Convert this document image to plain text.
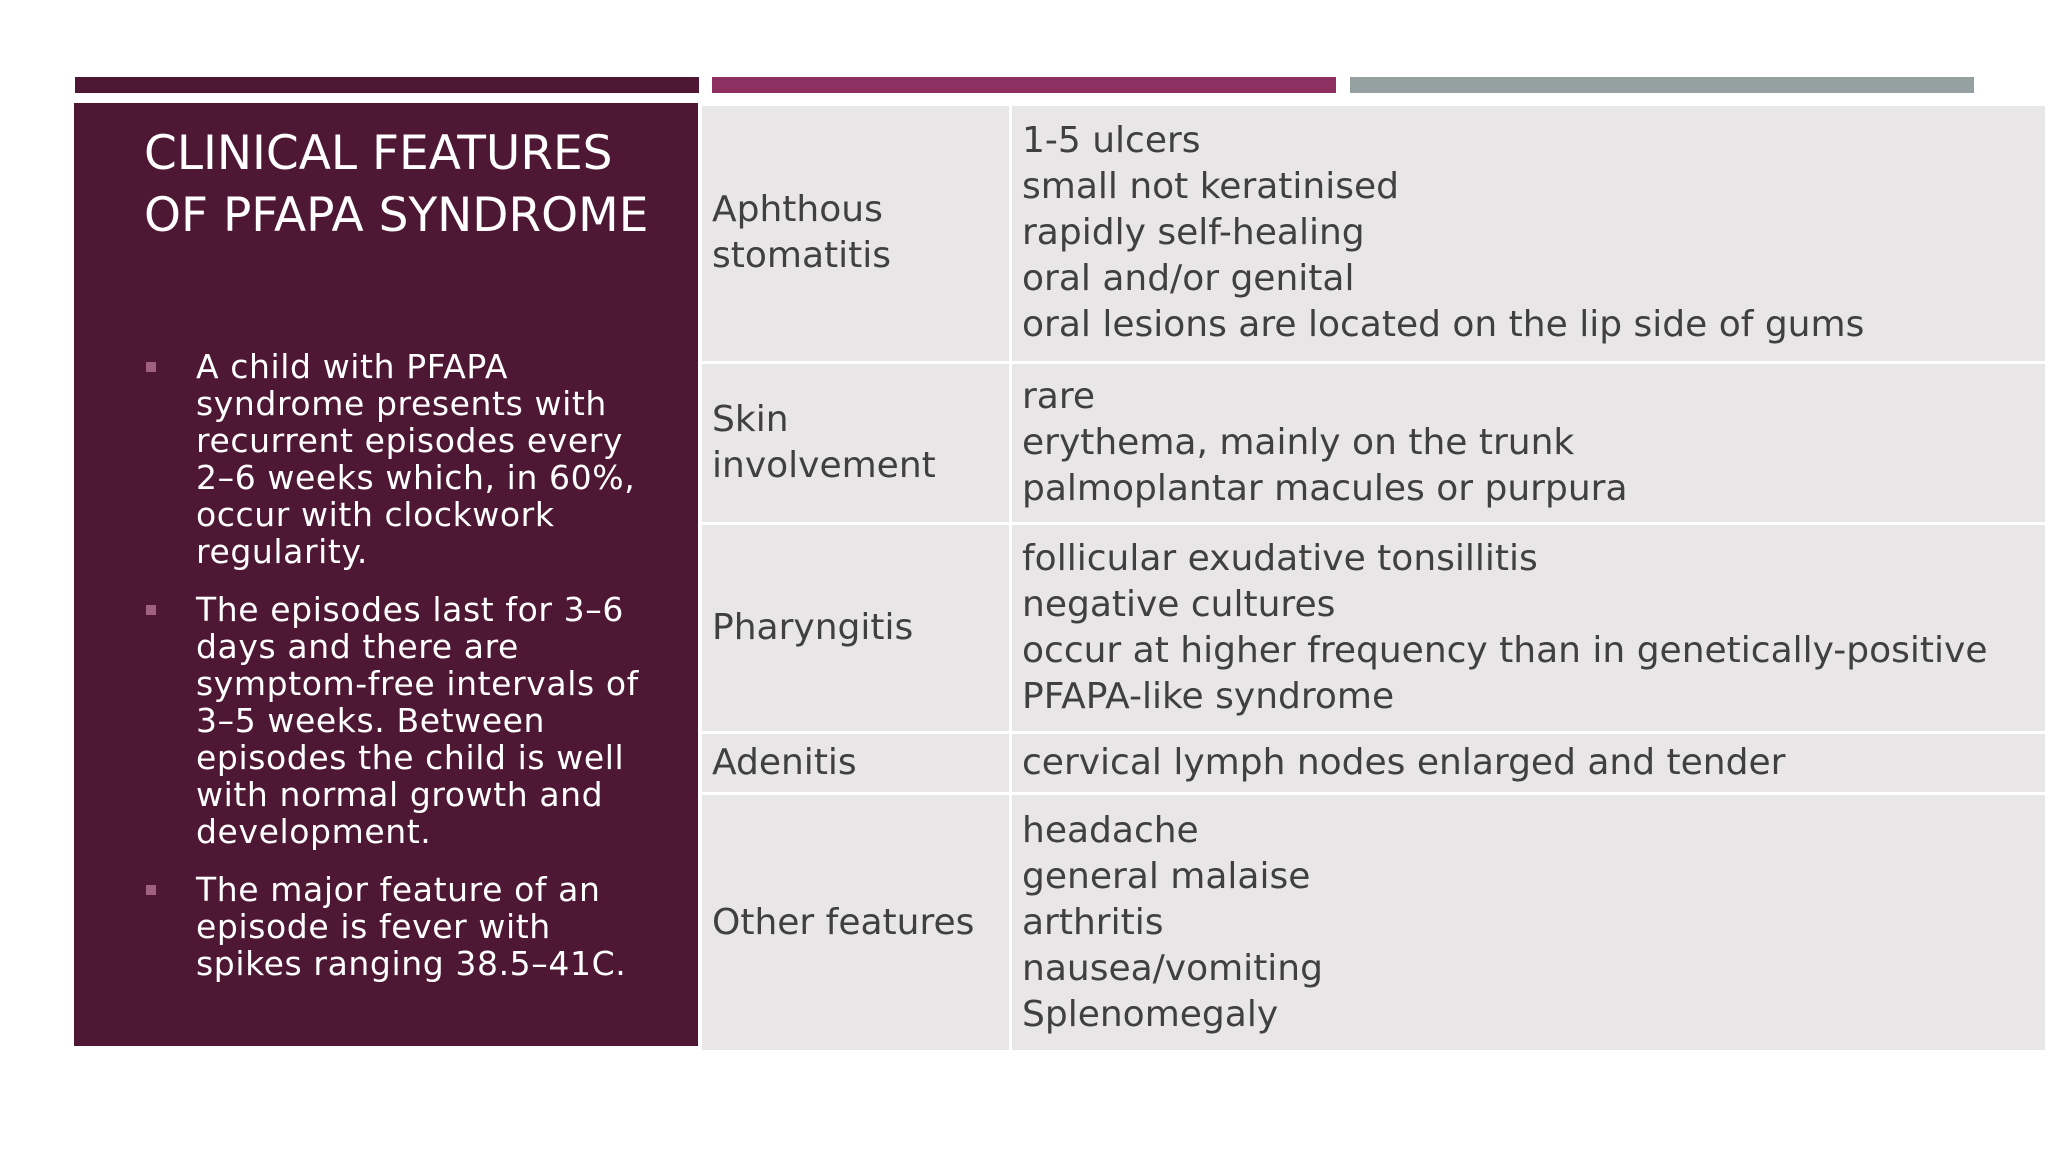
CLINICAL FEATURES OF PFAPA SYNDROME
A child with PFAPA syndrome presents with recurrent episodes every 2–6 weeks which, in 60%, occur with clockwork regularity.
The episodes last for 3–6 days and there are symptom-free intervals of 3–5 weeks. Between episodes the child is well with normal growth and development.
The major feature of an episode is fever with spikes ranging 38.5–41C.
Aphthous stomatitis	1-5 ulcers
small not keratinised
rapidly self-healing
oral and/or genital
oral lesions are located on the lip side of gums

Skin involvement	rare
erythema, mainly on the trunk
palmoplantar macules or purpura

Pharyngitis	follicular exudative tonsillitis
negative cultures
occur at higher frequency than in genetically-positive PFAPA-like syndrome

Adenitis	cervical lymph nodes enlarged and tender

Other features	headache
general malaise
arthritis
nausea/vomiting
Splenomegaly
